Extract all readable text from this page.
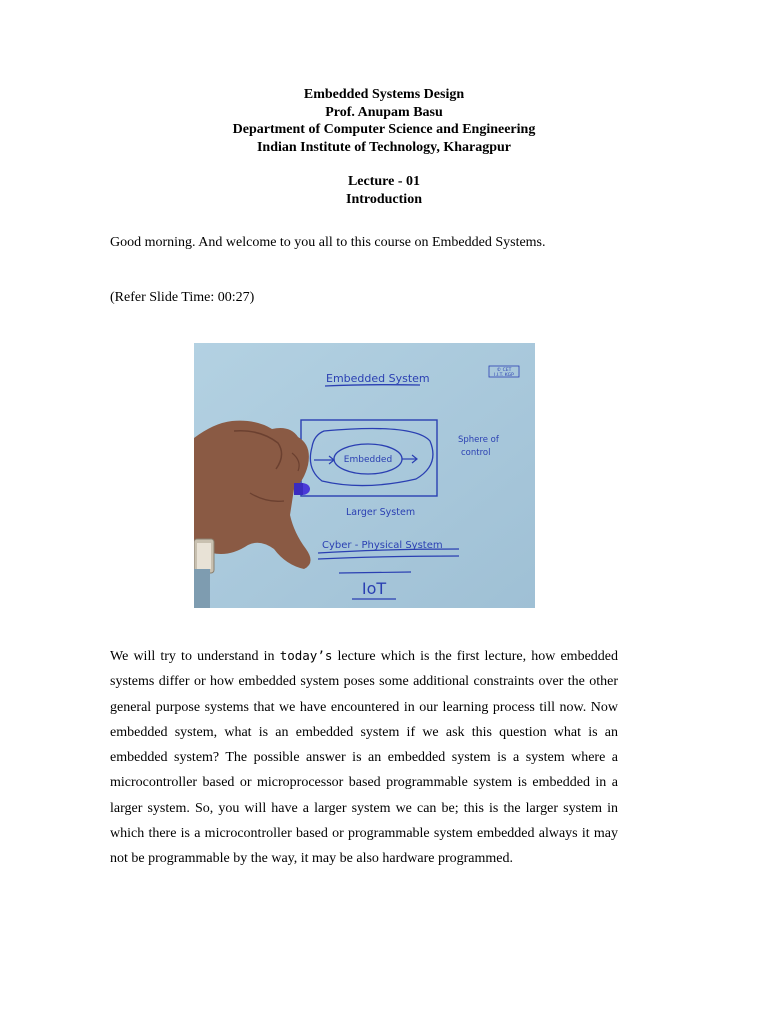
Embedded Systems Design
Prof. Anupam Basu
Department of Computer Science and Engineering
Indian Institute of Technology, Kharagpur
Lecture - 01
Introduction
Good morning. And welcome to you all to this course on Embedded Systems.
(Refer Slide Time: 00:27)
© CET
I.I.T. KGP
Embedded System
Embedded
Sphere of
control
Larger System
Cyber - Physical System
IoT
We will try to understand in today’s lecture which is the first lecture, how embedded systems differ or how embedded system poses some additional constraints over the other general purpose systems that we have encountered in our learning process till now. Now embedded system, what is an embedded system if we ask this question what is an embedded system? The possible answer is an embedded system is a system where a microcontroller based or microprocessor based programmable system is embedded in a larger system. So, you will have a larger system we can be; this is the larger system in which there is a microcontroller based or programmable system embedded always it may not be programmable by the way, it may be also hardware programmed.
